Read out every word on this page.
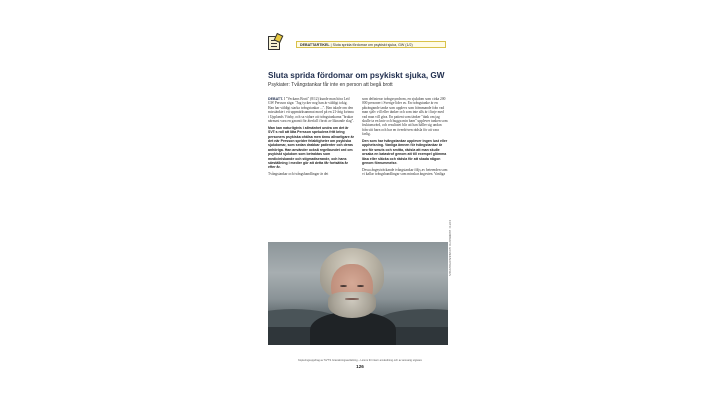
DEBATTARTIKEL | Sluta sprida fördomar om psykiskt sjuka, GW (1/2)
Sluta sprida fördomar om psykiskt sjuka, GW
Psykiater: Tvångstankar får inte en person att begå brott

DEBATT. I "Veckans Brott" (8/12) kunde man höra Leif GW Persson säga: "Jag tycker nog han är väldigt tokig. Han har väldigt starka tvångstankar ...". Han talade om den misstänkte i ett uppmärksammat mord på en 21-årig kvinna i Upplands Väsby, och sa vidare att tvångstankarna "brukar närmast vara en garanti för återfall i brott av liknande slag".

Man kan naturligtvis i allmänhet undra om det är SVT:s roll att låta Persson spekulera fritt kring personers psykiska ohälsa men ännu allvarligare är det när Persson sprider felaktigheter om psykiska sjukdomar, som sedan drabbar patienter och deras anhöriga. Han använder också regelbundet ord om psykiskt sjukdom som betraktas som mediciniskande och stigmatiserande, och hans särställning i medier gör att detta får fortsätta år efter år.

Tvångstankar och tvångshandlingar är det

som definierar tvångssyndrom, en sjukdom som cirka 200 000 personer i Sverige lider av. En tvångstanke är en påträngande tanke som upplevs som främmande från vad man själv vill eller tänker och som inte alls är i linje med vad man vill göra. En patient som tänker "tänk om jag skulle ta en kniv och hugga min barn" upplever tanken som fruktansvärd, och resultatet blir att han håller sig undan från sitt barn och har en överdriven rädsla för att vara farlig.

Den som har tvångstankar upplever ingen lust eller upphetsning. Vanliga ämnen för tvångstankar är oro för smuts och smitta, rädsla att man skulle orsaka en katastrof genom att till exempel glömma låsa eller släcka och rädsla för att skada någon genom förnummelse.

Dessa ångestväckande tvångstankar följs av beteenden som vi kallar tvångshandlingar som minskar ångesten. Vanliga

FOTO: HUMBERTO GOMEZ/EXPRESSEN
Kopieringsuppdrag av SVT:S Granskningsavdelning – Licens för intern användning och av ansvarig utgivare
126
